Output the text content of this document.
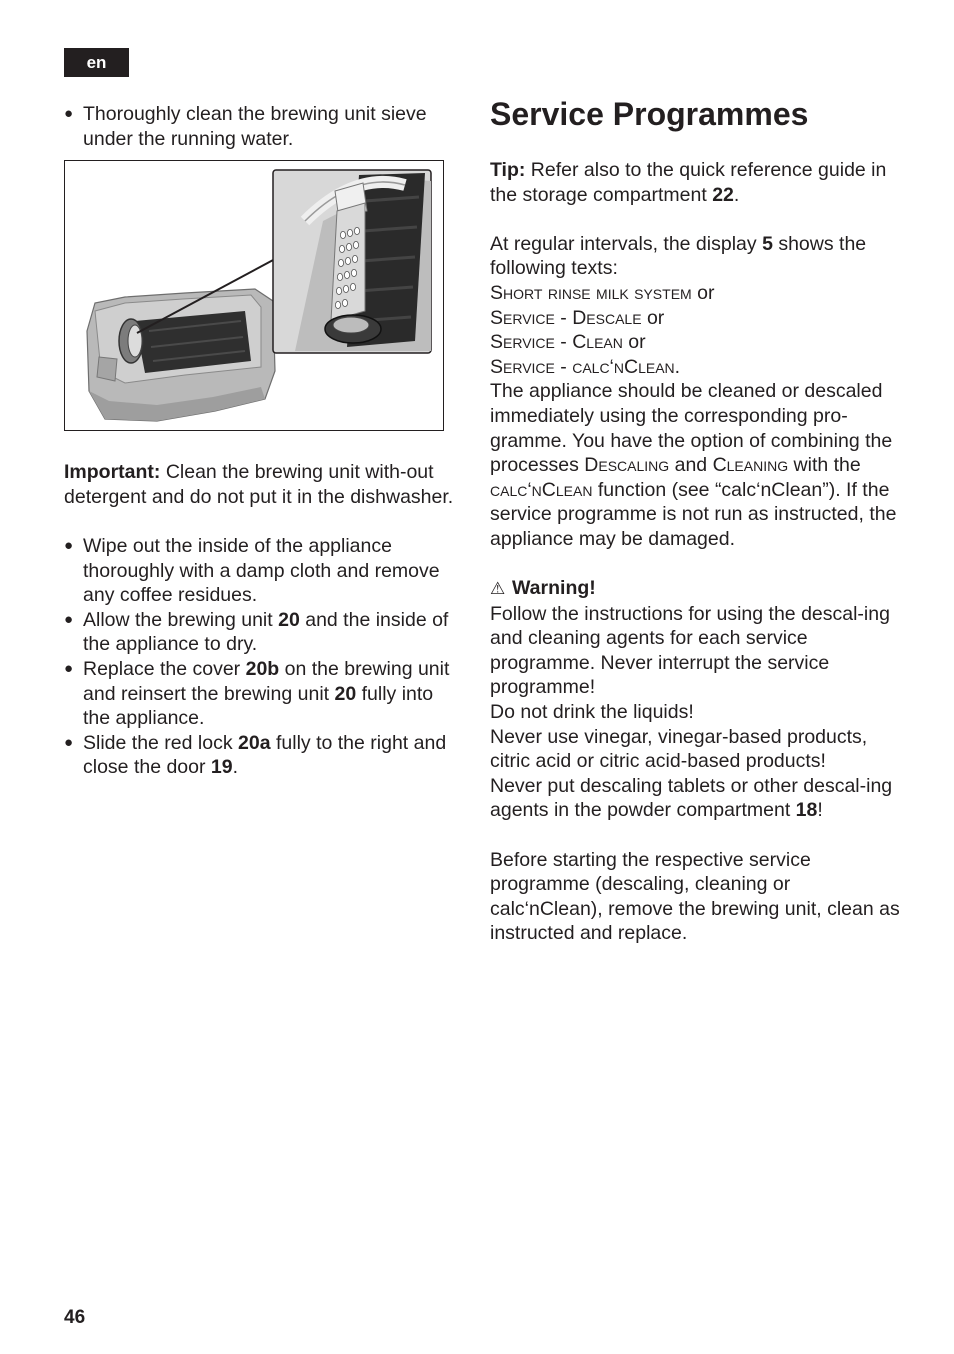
en
● Thoroughly clean the brewing unit sieve under the running water.

Important: Clean the brewing unit with-out detergent and do not put it in the dishwasher.

● Wipe out the inside of the appliance thoroughly with a damp cloth and remove any coffee residues.
● Allow the brewing unit 20 and the inside of the appliance to dry.
● Replace the cover 20b on the brewing unit and reinsert the brewing unit 20 fully into the appliance.
● Slide the red lock 20a fully to the right and close the door 19.
Service Programmes

Tip: Refer also to the quick reference guide in the storage compartment 22.

At regular intervals, the display 5 shows the following texts:

Short rinse milk system or

Service - Descale or

Service - Clean or

Service - calc‘nClean.

The appliance should be cleaned or descaled immediately using the corresponding pro-gramme. You have the option of combining the processes Descaling and Cleaning with the calc‘nClean function (see “calc‘nClean”). If the service programme is not run as instructed, the appliance may be damaged.

⚠ Warning!

Follow the instructions for using the descal-ing and cleaning agents for each service programme. Never interrupt the service programme!

Do not drink the liquids!

Never use vinegar, vinegar-based products, citric acid or citric acid-based products!

Never put descaling tablets or other descal-ing agents in the powder compartment 18!

Before starting the respective service programme (descaling, cleaning or calc‘nClean), remove the brewing unit, clean as instructed and replace.

46
